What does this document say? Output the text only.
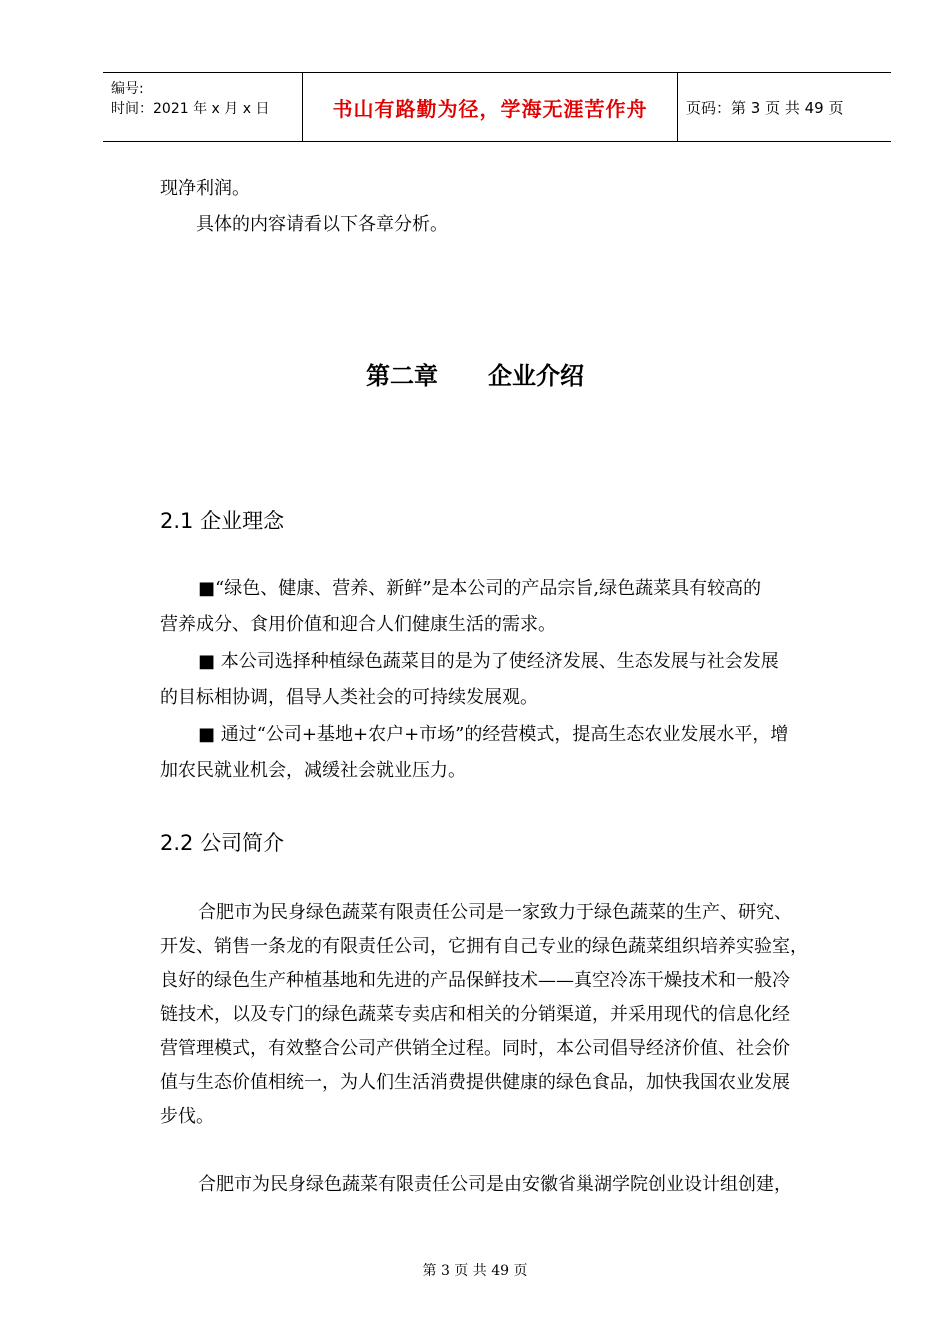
编号:
时间：2021 年 x 月 x 日	书山有路勤为径，学海无涯苦作舟	页码：第 3 页 共 49 页
现净利润。
具体的内容请看以下各章分析。
第二章 企业介绍
2.1 企业理念
■“绿色、健康、营养、新鲜”是本公司的产品宗旨,绿色蔬菜具有较高的
营养成分、食用价值和迎合人们健康生活的需求。
■ 本公司选择种植绿色蔬菜目的是为了使经济发展、生态发展与社会发展
的目标相协调，倡导人类社会的可持续发展观。
■ 通过“公司+基地+农户+市场”的经营模式，提高生态农业发展水平，增
加农民就业机会，减缓社会就业压力。
2.2 公司简介
合肥市为民身绿色蔬菜有限责任公司是一家致力于绿色蔬菜的生产、研究、
开发、销售一条龙的有限责任公司，它拥有自己专业的绿色蔬菜组织培养实验室，
良好的绿色生产种植基地和先进的产品保鲜技术——真空冷冻干燥技术和一般冷
链技术，以及专门的绿色蔬菜专卖店和相关的分销渠道，并采用现代的信息化经
营管理模式，有效整合公司产供销全过程。同时，本公司倡导经济价值、社会价
值与生态价值相统一，为人们生活消费提供健康的绿色食品，加快我国农业发展
步伐。
合肥市为民身绿色蔬菜有限责任公司是由安徽省巢湖学院创业设计组创建，
第 3 页 共 49 页
